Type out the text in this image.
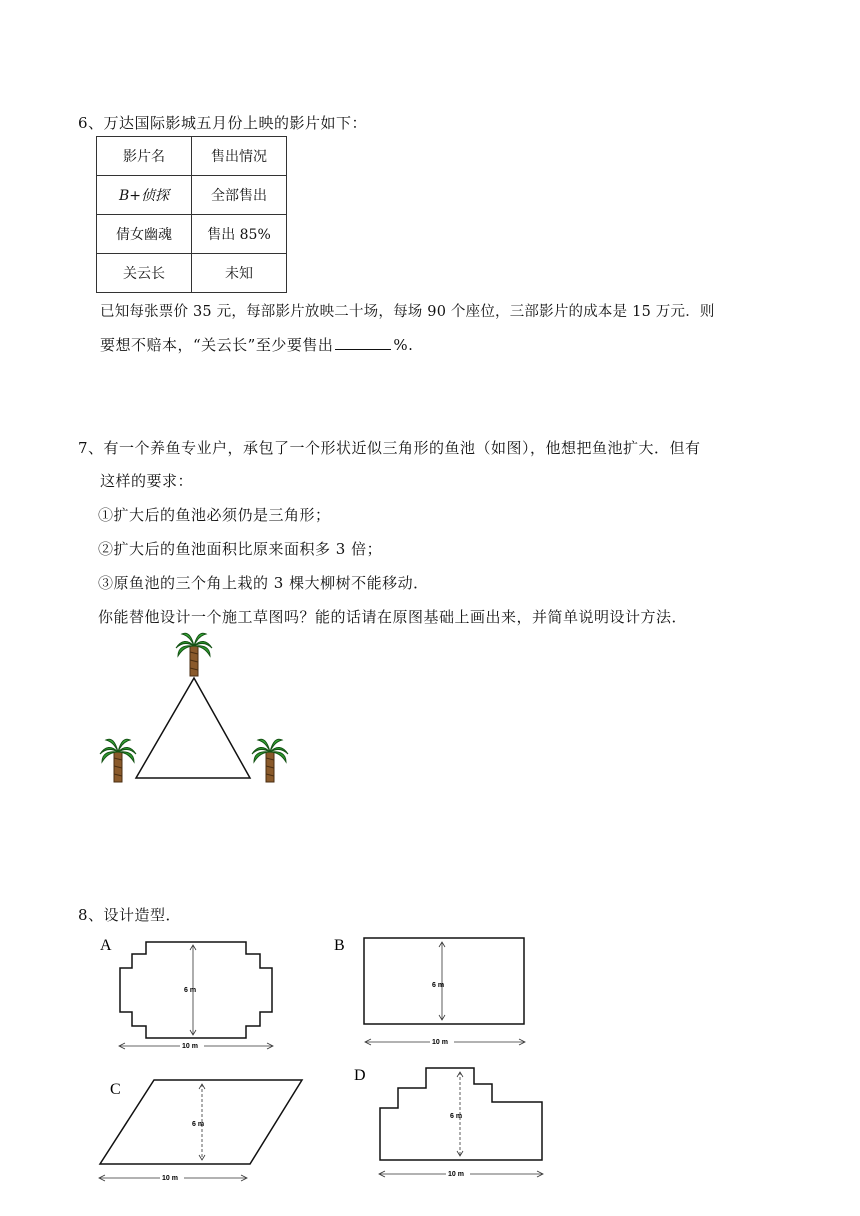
6、万达国际影城五月份上映的影片如下：
影片名	售出情况
B+侦探	全部售出
倩女幽魂	售出 85%
关云长	未知
已知每张票价 35 元，每部影片放映二十场，每场 90 个座位，三部影片的成本是 15 万元．则
要想不赔本，“关云长”至少要售出	%.
7、有一个养鱼专业户，承包了一个形状近似三角形的鱼池（如图），他想把鱼池扩大．但有
这样的要求：
①扩大后的鱼池必须仍是三角形；
②扩大后的鱼池面积比原来面积多 3 倍；
③原鱼池的三个角上栽的 3 棵大柳树不能移动．
你能替他设计一个施工草图吗？能的话请在原图基础上画出来，并简单说明设计方法．
8、设计造型．
A
6 m
10 m
B
6 m
10 m
C
6 m
10 m
D
6 m
10 m
